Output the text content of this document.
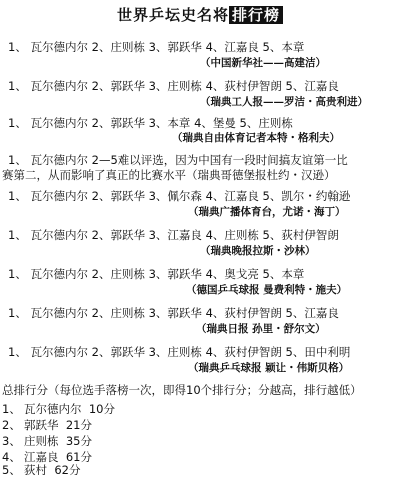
世界乒坛史名将 排行榜
1、 瓦尔德内尔 2、庄则栋 3、郭跃华 4、江嘉良 5、本章
（中国新华社——高建洁）
1、 瓦尔德内尔 2、郭跃华 3、庄则栋 4、荻村伊智朗 5、江嘉良
（瑞典工人报——罗洁・高贵利进）
1、 瓦尔德内尔 2、郭跃华 3、本章 4、堡曼 5、庄则栋
（瑞典自由体育记者本特・格利夫）
1、 瓦尔德内尔 2—5难以评选，因为中国有一段时间搞友谊第一比
赛第二，从而影响了真正的比赛水平（瑞典哥德堡报杜约・汉逊）
1、 瓦尔德内尔 2、郭跃华 3、佩尔森 4、江嘉良 5、凯尔・约翰逊
（瑞典广播体育台，尤诺・海丁）
1、 瓦尔德内尔 2、郭跃华 3、江嘉良 4、庄则栋 5、荻村伊智朗
（瑞典晚报拉斯・沙林）
1、 瓦尔德内尔 2、庄则栋 3、郭跃华 4、奥戈亮 5、本章
（德国乒乓球报 曼费利特・施夫）
1、 瓦尔德内尔 2、庄则栋 3、郭跃华 4、荻村伊智朗 5、江嘉良
（瑞典日报 孙里・舒尔文）
1、 瓦尔德内尔 2、郭跃华 3、庄则栋 4、荻村伊智朗 5、田中利明
（瑞典乒乓球报 颖让・伟斯贝格）
总排行分（每位选手落榜一次，即得10个排行分；分越高，排行越低）
1、 瓦尔德内尔 10分
2、 郭跃华 21分
3、 庄则栋 35分
4、 江嘉良 61分
5、 荻村 62分
